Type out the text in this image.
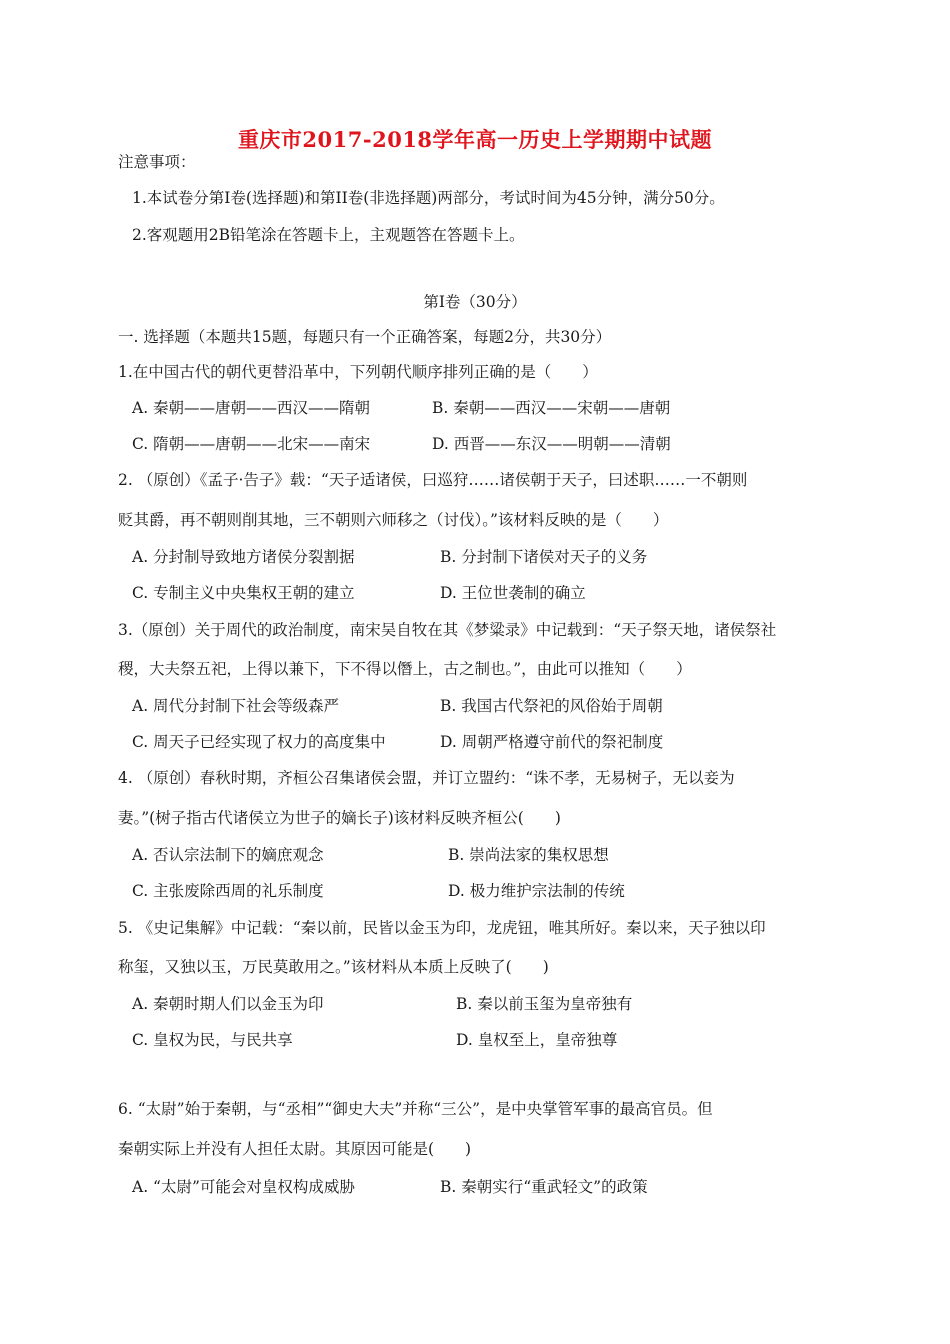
重庆市2017-2018学年高一历史上学期期中试题
注意事项：
1.本试卷分第I卷(选择题)和第II卷(非选择题)两部分，考试时间为45分钟，满分50分。
2.客观题用2B铅笔涂在答题卡上，主观题答在答题卡上。
第I卷（30分）
一. 选择题（本题共15题，每题只有一个正确答案，每题2分，共30分）
1.在中国古代的朝代更替沿革中，下列朝代顺序排列正确的是（　　）
A. 秦朝——唐朝——西汉——隋朝	B. 秦朝——西汉——宋朝——唐朝
C. 隋朝——唐朝——北宋——南宋	D. 西晋——东汉——明朝——清朝
2. （原创）《孟子·告子》载：“天子适诸侯，曰巡狩……诸侯朝于天子，曰述职……一不朝则
贬其爵，再不朝则削其地，三不朝则六师移之（讨伐）。”该材料反映的是（　　）
A. 分封制导致地方诸侯分裂割据	B. 分封制下诸侯对天子的义务
C. 专制主义中央集权王朝的建立	D. 王位世袭制的确立
3.（原创）关于周代的政治制度，南宋吴自牧在其《梦粱录》中记载到：“天子祭天地，诸侯祭社
稷，大夫祭五祀，上得以兼下，下不得以僭上，古之制也。”，由此可以推知（　　）
A. 周代分封制下社会等级森严	B. 我国古代祭祀的风俗始于周朝
C. 周天子已经实现了权力的高度集中	D. 周朝严格遵守前代的祭祀制度
4. （原创）春秋时期，齐桓公召集诸侯会盟，并订立盟约：“诛不孝，无易树子，无以妾为
妻。”(树子指古代诸侯立为世子的嫡长子)该材料反映齐桓公(　　)
A. 否认宗法制下的嫡庶观念	B. 崇尚法家的集权思想
C. 主张废除西周的礼乐制度	D. 极力维护宗法制的传统
5. 《史记集解》中记载：“秦以前，民皆以金玉为印，龙虎钮，唯其所好。秦以来，天子独以印
称玺，又独以玉，万民莫敢用之。”该材料从本质上反映了(　　)
A. 秦朝时期人们以金玉为印	B. 秦以前玉玺为皇帝独有
C. 皇权为民，与民共享	D. 皇权至上，皇帝独尊
6. “太尉”始于秦朝，与“丞相”“御史大夫”并称“三公”，是中央掌管军事的最高官员。但
秦朝实际上并没有人担任太尉。其原因可能是(　　)
A. “太尉”可能会对皇权构成威胁	B. 秦朝实行“重武轻文”的政策
